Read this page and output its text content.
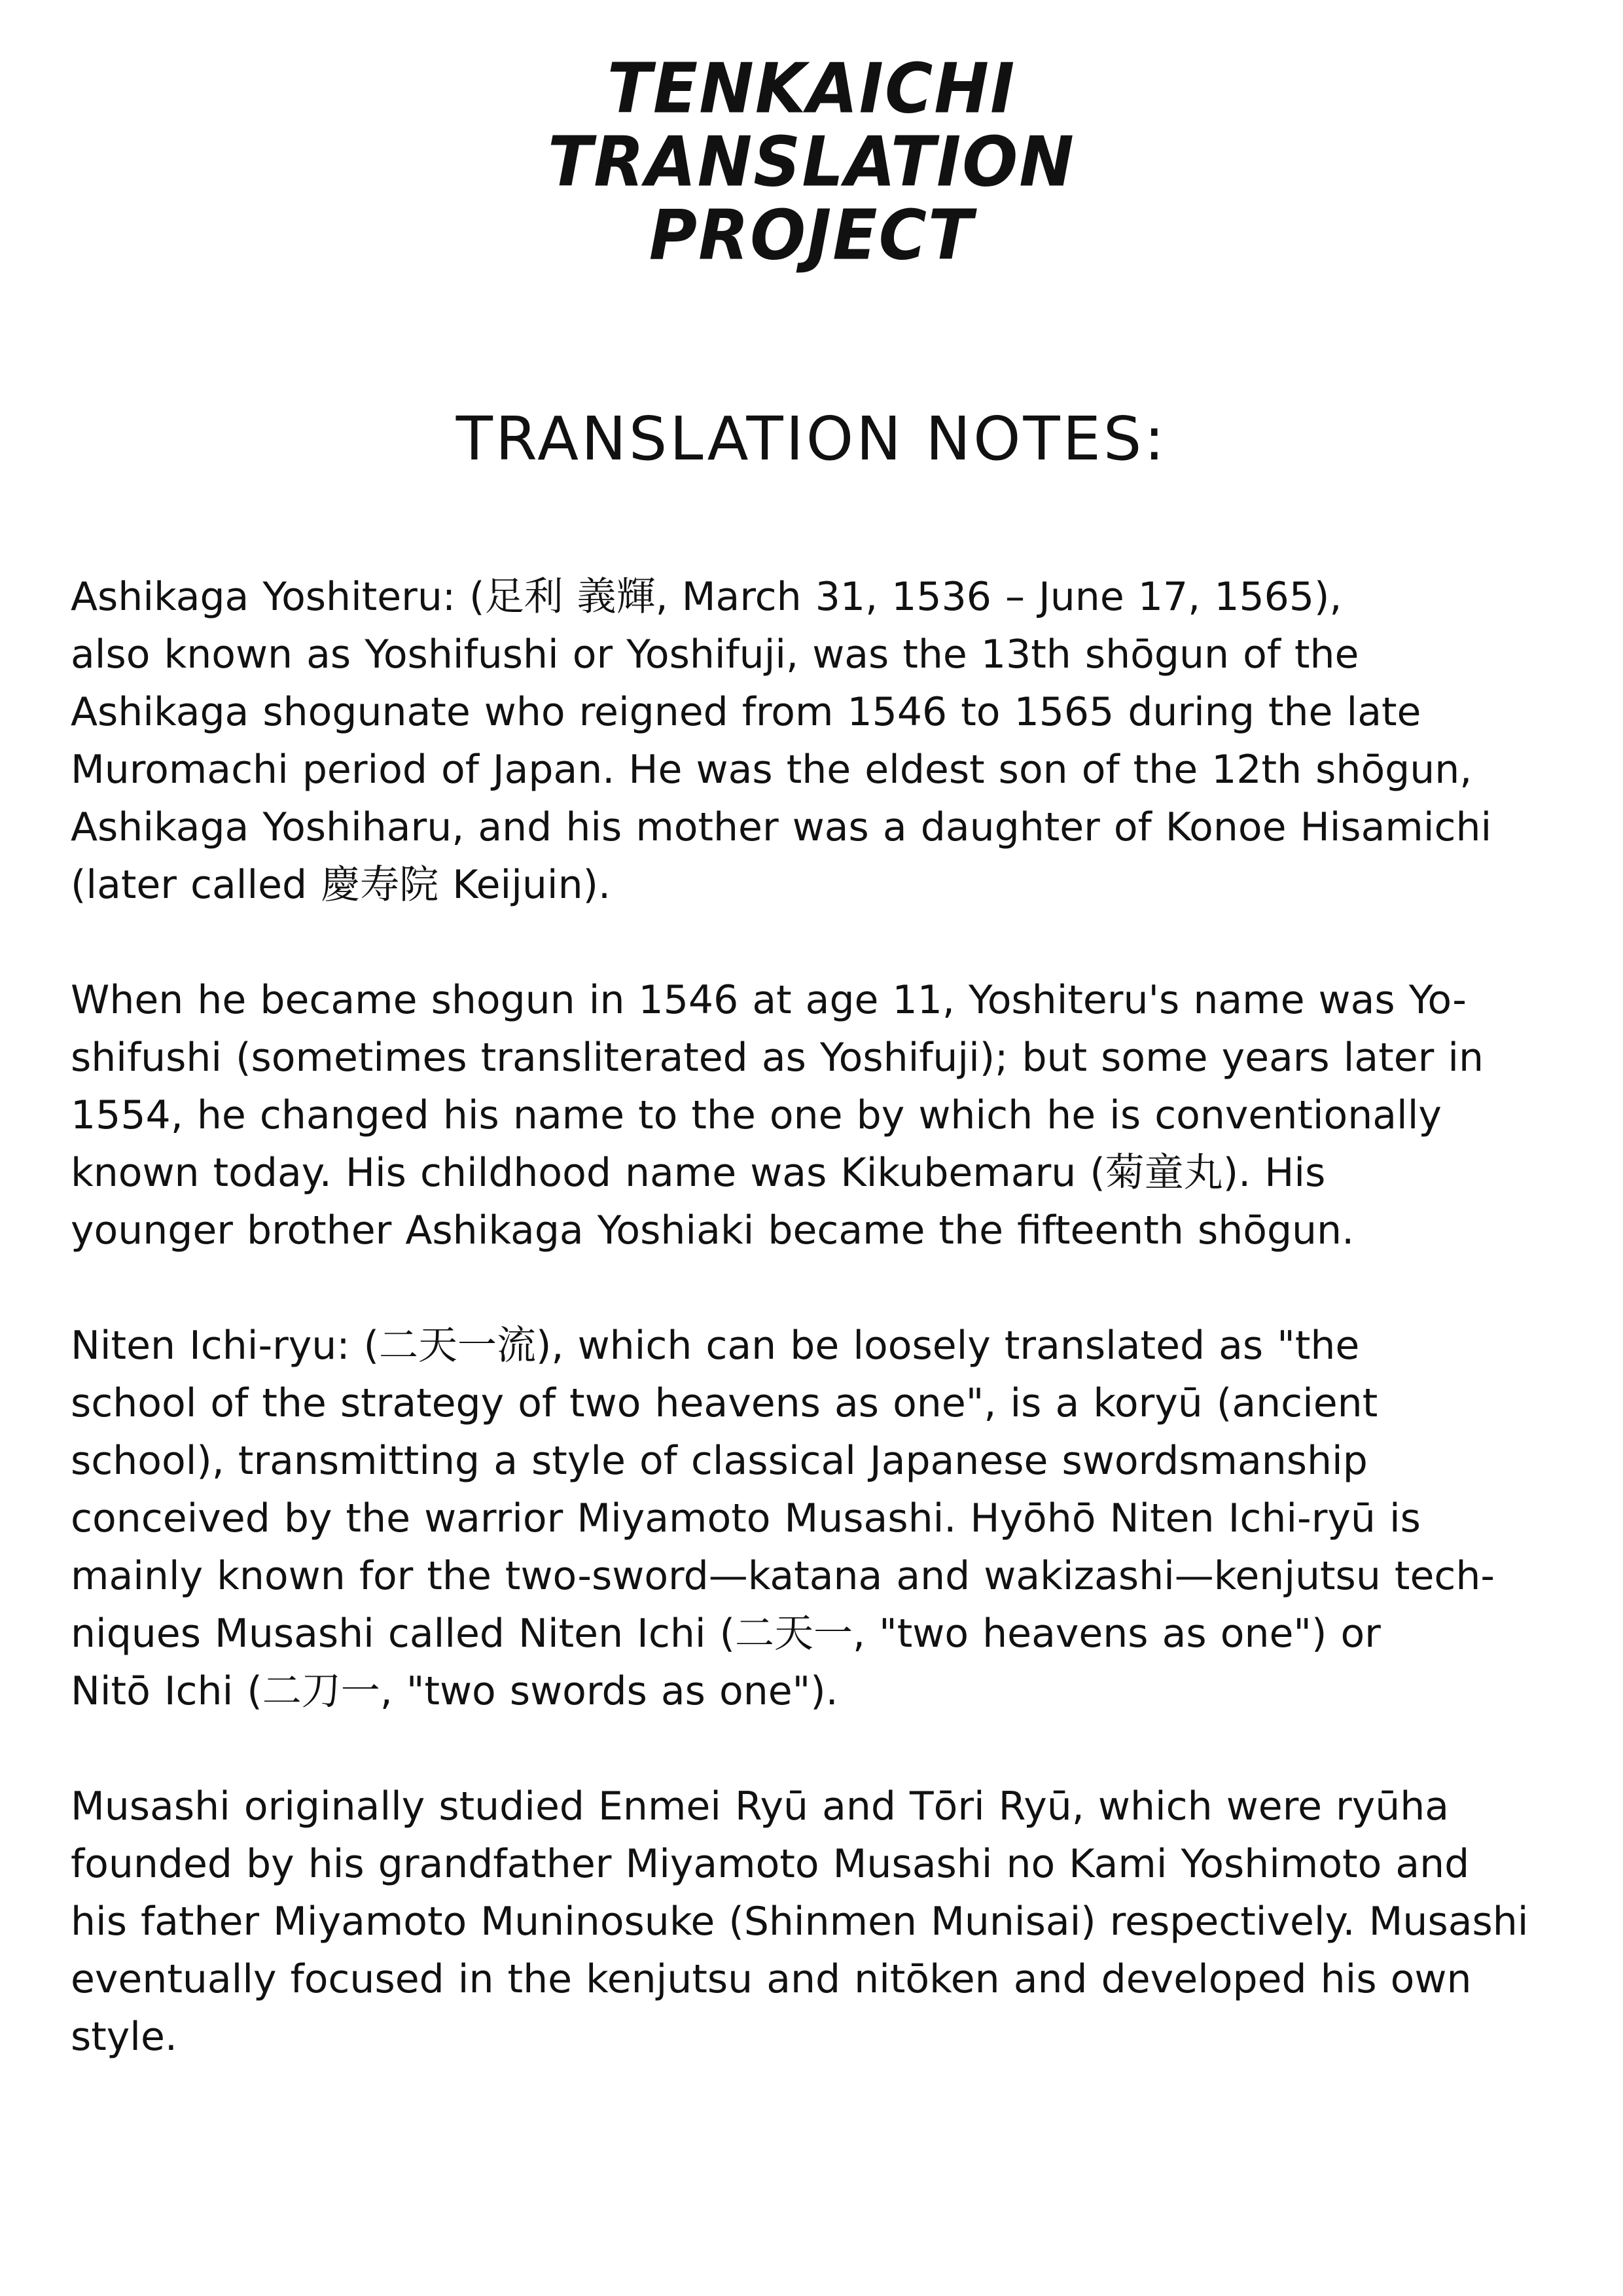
TENKAICHI
TRANSLATION
PROJECT
TRANSLATION NOTES:
Ashikaga Yoshiteru: (足利 義輝, March 31, 1536 – June 17, 1565),
also known as Yoshifushi or Yoshifuji, was the 13th shōgun of the
Ashikaga shogunate who reigned from 1546 to 1565 during the late
Muromachi period of Japan. He was the eldest son of the 12th shōgun,
Ashikaga Yoshiharu, and his mother was a daughter of Konoe Hisamichi
(later called 慶寿院 Keijuin).
When he became shogun in 1546 at age 11, Yoshiteru's name was Yo-
shifushi (sometimes transliterated as Yoshifuji); but some years later in
1554, he changed his name to the one by which he is conventionally
known today. His childhood name was Kikubemaru (菊童丸). His
younger brother Ashikaga Yoshiaki became the fifteenth shōgun.
Niten Ichi-ryu: (二天一流), which can be loosely translated as "the
school of the strategy of two heavens as one", is a koryū (ancient
school), transmitting a style of classical Japanese swordsmanship
conceived by the warrior Miyamoto Musashi. Hyōhō Niten Ichi-ryū is
mainly known for the two-sword—katana and wakizashi—kenjutsu tech-
niques Musashi called Niten Ichi (二天一, "two heavens as one") or
Nitō Ichi (二刀一, "two swords as one").
Musashi originally studied Enmei Ryū and Tōri Ryū, which were ryūha
founded by his grandfather Miyamoto Musashi no Kami Yoshimoto and
his father Miyamoto Muninosuke (Shinmen Munisai) respectively. Musashi
eventually focused in the kenjutsu and nitōken and developed his own
style.
